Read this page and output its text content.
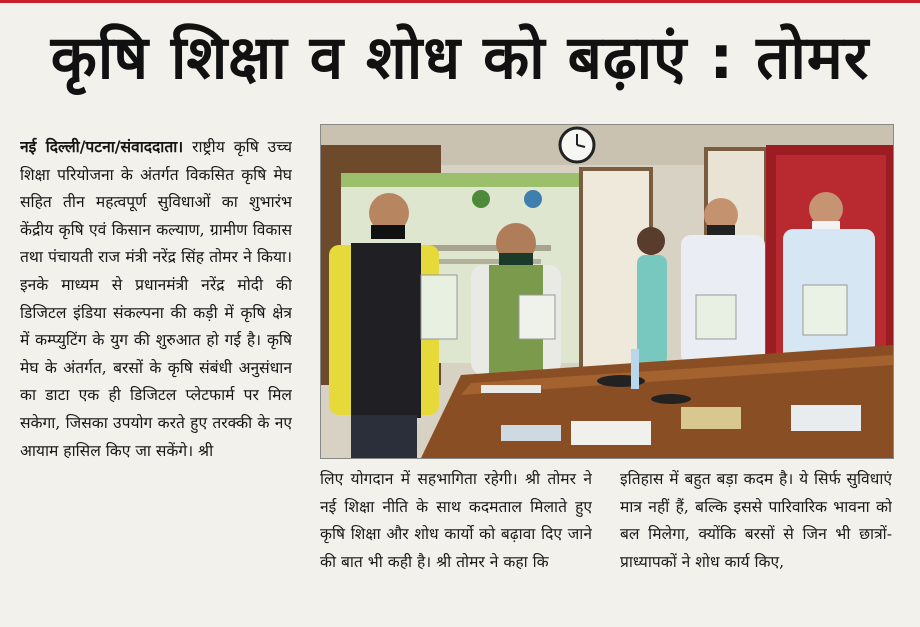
कृषि शिक्षा व शोध को बढ़ाएं : तोमर

नई दिल्ली/पटना/संवाददाता। राष्ट्रीय कृषि उच्च शिक्षा परियोजना के अंतर्गत विकसित कृषि मेघ सहित तीन महत्वपूर्ण सुविधाओं का शुभारंभ केंद्रीय कृषि एवं किसान कल्याण, ग्रामीण विकास तथा पंचायती राज मंत्री नरेंद्र सिंह तोमर ने किया। इनके माध्यम से प्रधानमंत्री नरेंद्र मोदी की डिजिटल इंडिया संकल्पना की कड़ी में कृषि क्षेत्र में कम्प्युटिंग के युग की शुरुआत हो गई है। कृषि मेघ के अंतर्गत, बरसों के कृषि संबंधी अनुसंधान का डाटा एक ही डिजिटल प्लेटफार्म पर मिल सकेगा, जिसका उपयोग करते हुए तरक्की के नए आयाम हासिल किए जा सकेंगे। श्री

लिए योगदान में सहभागिता रहेगी। श्री तोमर ने नई शिक्षा नीति के साथ कदमताल मिलाते हुए कृषि शिक्षा और शोध कार्यो को बढ़ावा दिए जाने की बात भी कही है। श्री तोमर ने कहा कि

इतिहास में बहुत बड़ा कदम है। ये सिर्फ सुविधाएं मात्र नहीं हैं, बल्कि इससे पारिवारिक भावना को बल मिलेगा, क्योंकि बरसों से जिन भी छात्रों-प्राध्यापकों ने शोध कार्य किए,
